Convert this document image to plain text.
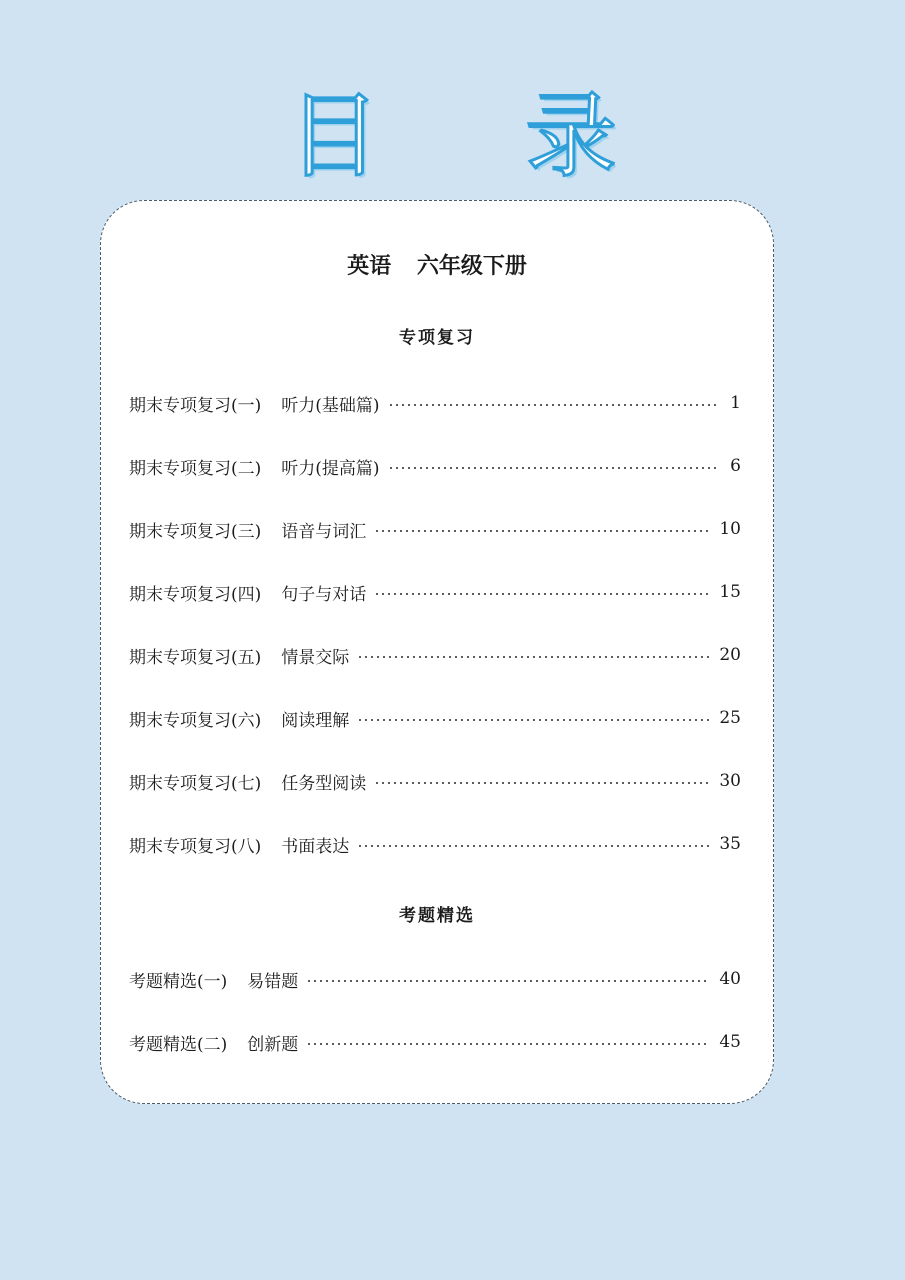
目 录
英语 六年级下册
专项复习
期末专项复习(一) 听力(基础篇)	1
期末专项复习(二) 听力(提高篇)	6
期末专项复习(三) 语音与词汇	10
期末专项复习(四) 句子与对话	15
期末专项复习(五) 情景交际	20
期末专项复习(六) 阅读理解	25
期末专项复习(七) 任务型阅读	30
期末专项复习(八) 书面表达	35
考题精选
考题精选(一) 易错题	40
考题精选(二) 创新题	45
